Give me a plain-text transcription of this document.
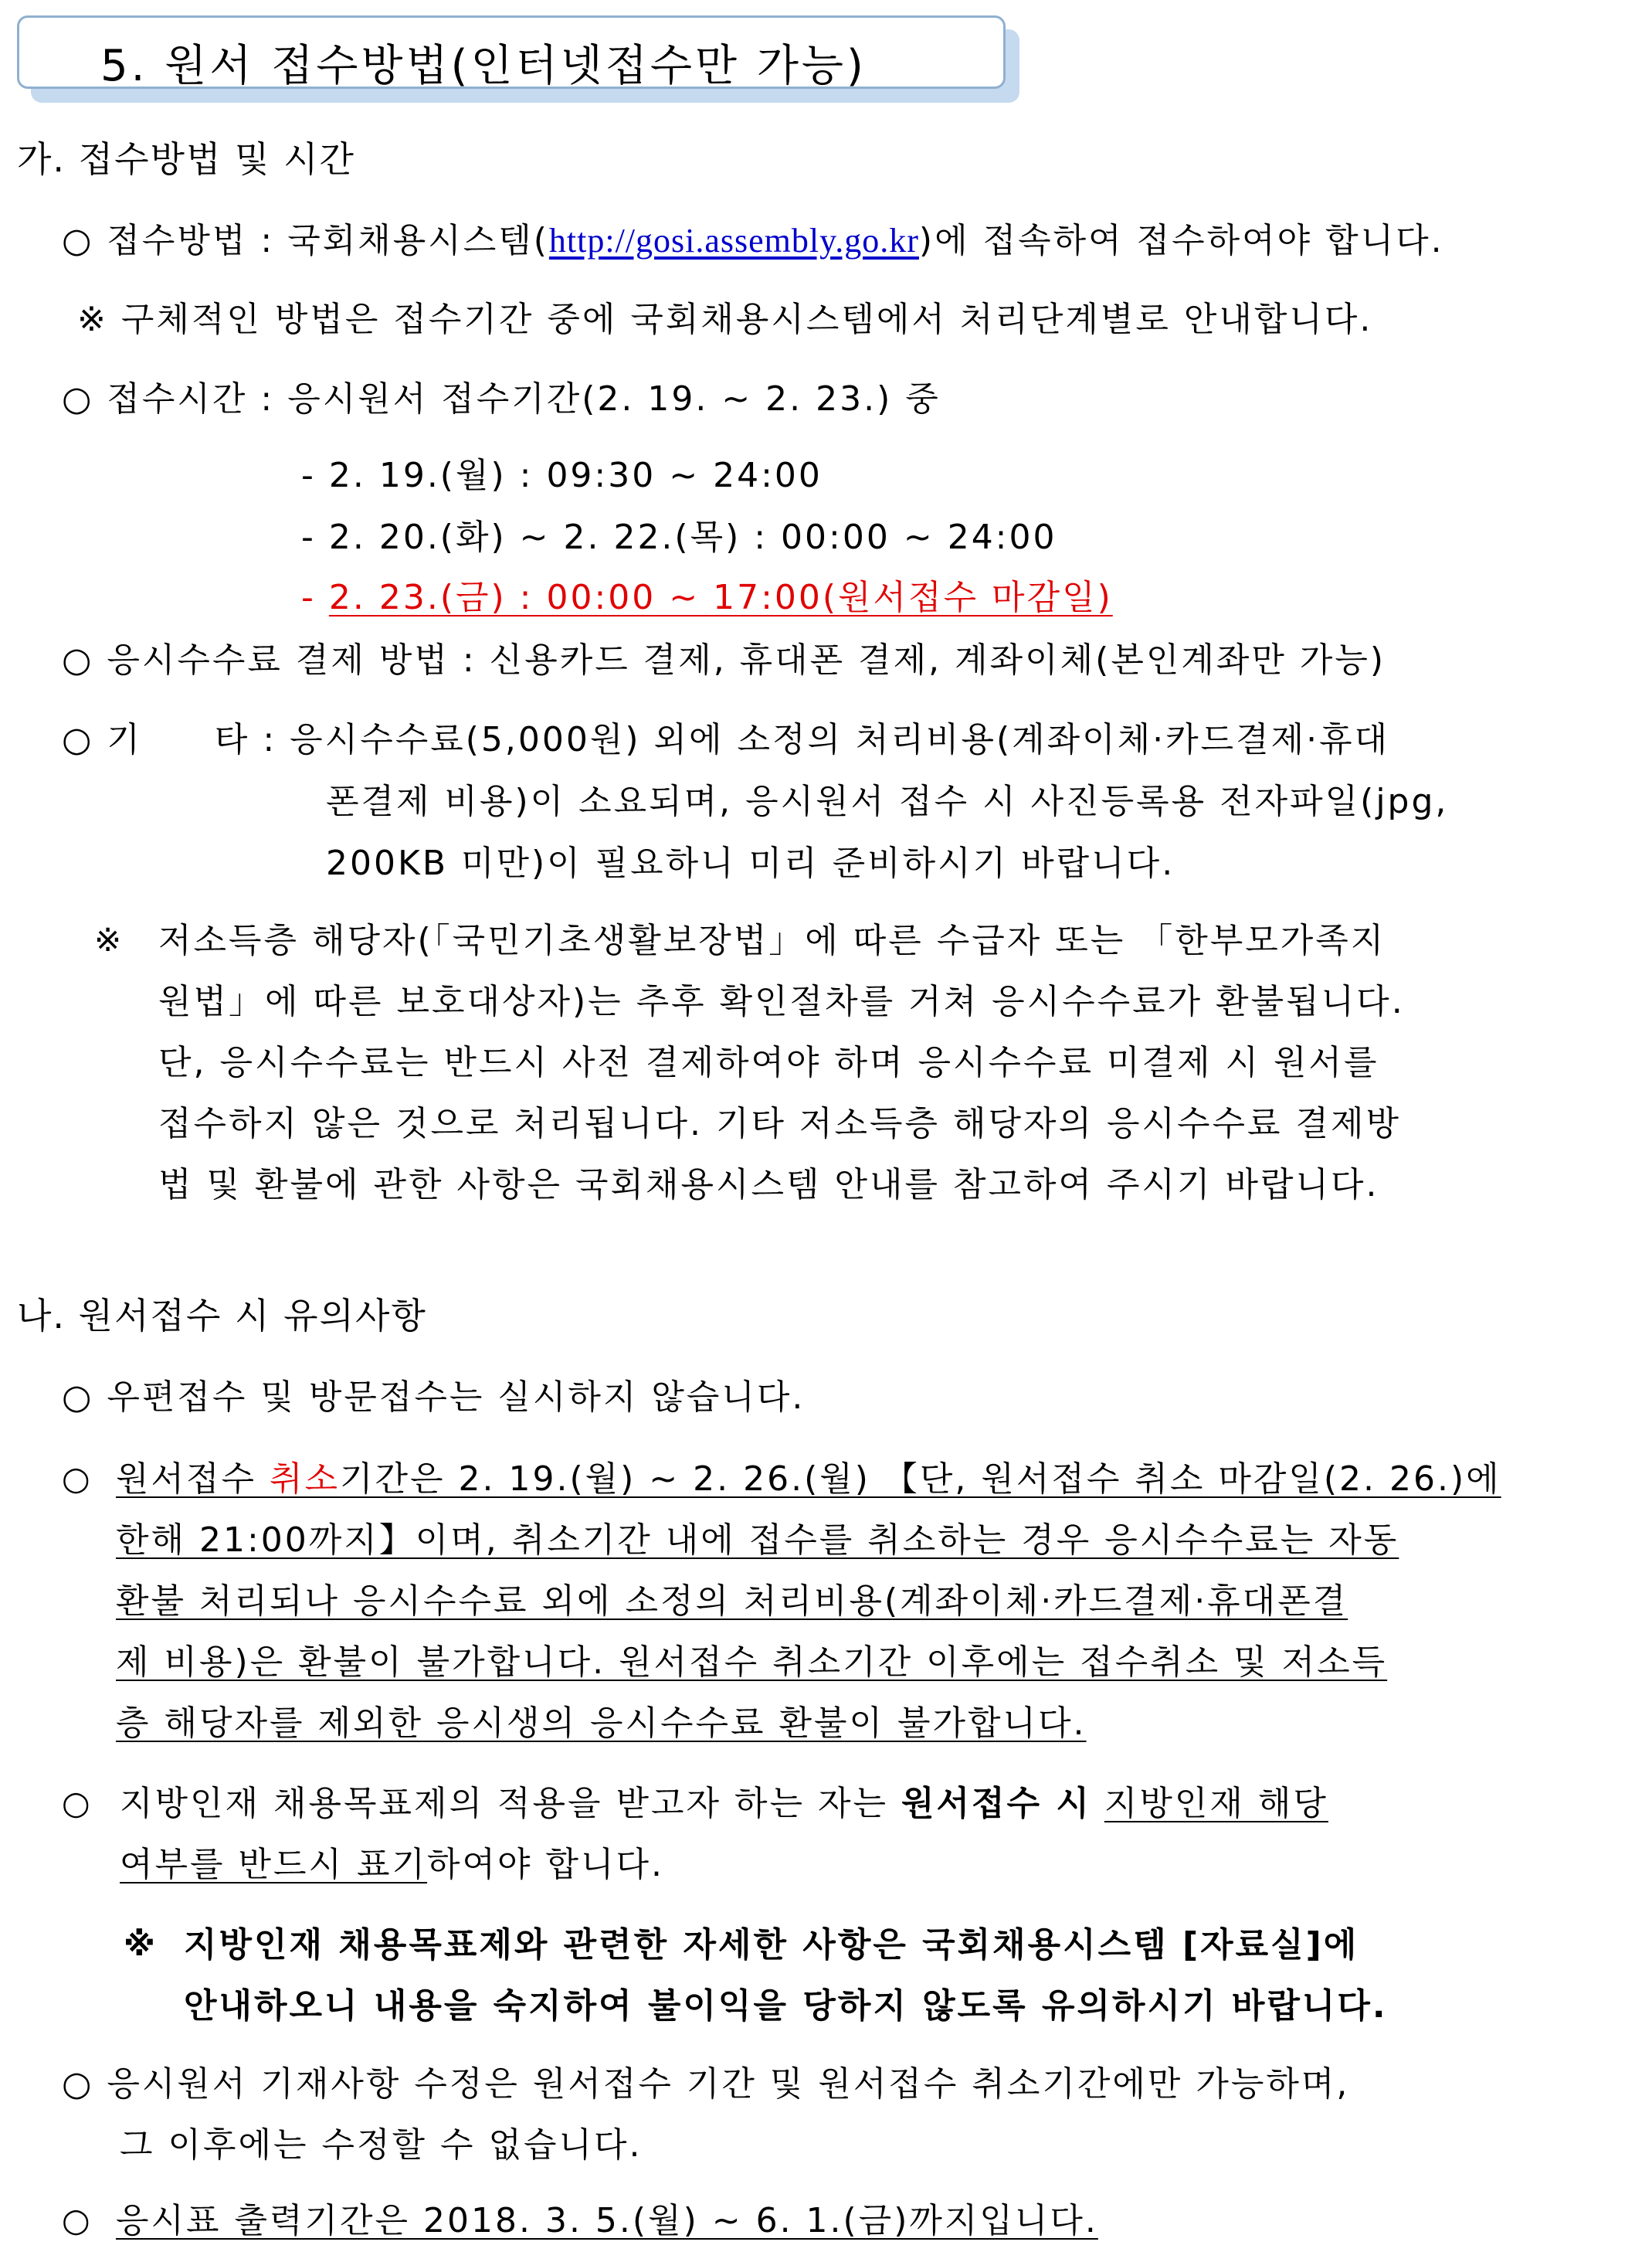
5. 원서 접수방법(인터넷접수만 가능)
가. 접수방법 및 시간
○ 접수방법 : 국회채용시스템(http://gosi.assembly.go.kr)에 접속하여 접수하여야 합니다.
※ 구체적인 방법은 접수기간 중에 국회채용시스템에서 처리단계별로 안내합니다.
○ 접수시간 : 응시원서 접수기간(2. 19. ~ 2. 23.) 중
- 2. 19.(월) : 09:30 ~ 24:00
- 2. 20.(화) ~ 2. 22.(목) : 00:00 ~ 24:00
- 2. 23.(금) : 00:00 ~ 17:00(원서접수 마감일)
○ 응시수수료 결제 방법 : 신용카드 결제, 휴대폰 결제, 계좌이체(본인계좌만 가능)
○ 기　　타 : 응시수수료(5,000원) 외에 소정의 처리비용(계좌이체·카드결제·휴대
폰결제 비용)이 소요되며, 응시원서 접수 시 사진등록용 전자파일(jpg,
200KB 미만)이 필요하니 미리 준비하시기 바랍니다.
※ 저소득층 해당자(「국민기초생활보장법」에 따른 수급자 또는 「한부모가족지
원법」에 따른 보호대상자)는 추후 확인절차를 거쳐 응시수수료가 환불됩니다.
단, 응시수수료는 반드시 사전 결제하여야 하며 응시수수료 미결제 시 원서를
접수하지 않은 것으로 처리됩니다. 기타 저소득층 해당자의 응시수수료 결제방
법 및 환불에 관한 사항은 국회채용시스템 안내를 참고하여 주시기 바랍니다.
나. 원서접수 시 유의사항
○ 우편접수 및 방문접수는 실시하지 않습니다.
○ 원서접수 취소기간은 2. 19.(월) ~ 2. 26.(월) 【단, 원서접수 취소 마감일(2. 26.)에
한해 21:00까지】이며, 취소기간 내에 접수를 취소하는 경우 응시수수료는 자동
환불 처리되나 응시수수료 외에 소정의 처리비용(계좌이체·카드결제·휴대폰결
제 비용)은 환불이 불가합니다. 원서접수 취소기간 이후에는 접수취소 및 저소득
층 해당자를 제외한 응시생의 응시수수료 환불이 불가합니다.
○ 지방인재 채용목표제의 적용을 받고자 하는 자는 원서접수 시 지방인재 해당
여부를 반드시 표기하여야 합니다.
※ 지방인재 채용목표제와 관련한 자세한 사항은 국회채용시스템 [자료실]에
안내하오니 내용을 숙지하여 불이익을 당하지 않도록 유의하시기 바랍니다.
○ 응시원서 기재사항 수정은 원서접수 기간 및 원서접수 취소기간에만 가능하며,
그 이후에는 수정할 수 없습니다.
○ 응시표 출력기간은 2018. 3. 5.(월) ~ 6. 1.(금)까지입니다.
